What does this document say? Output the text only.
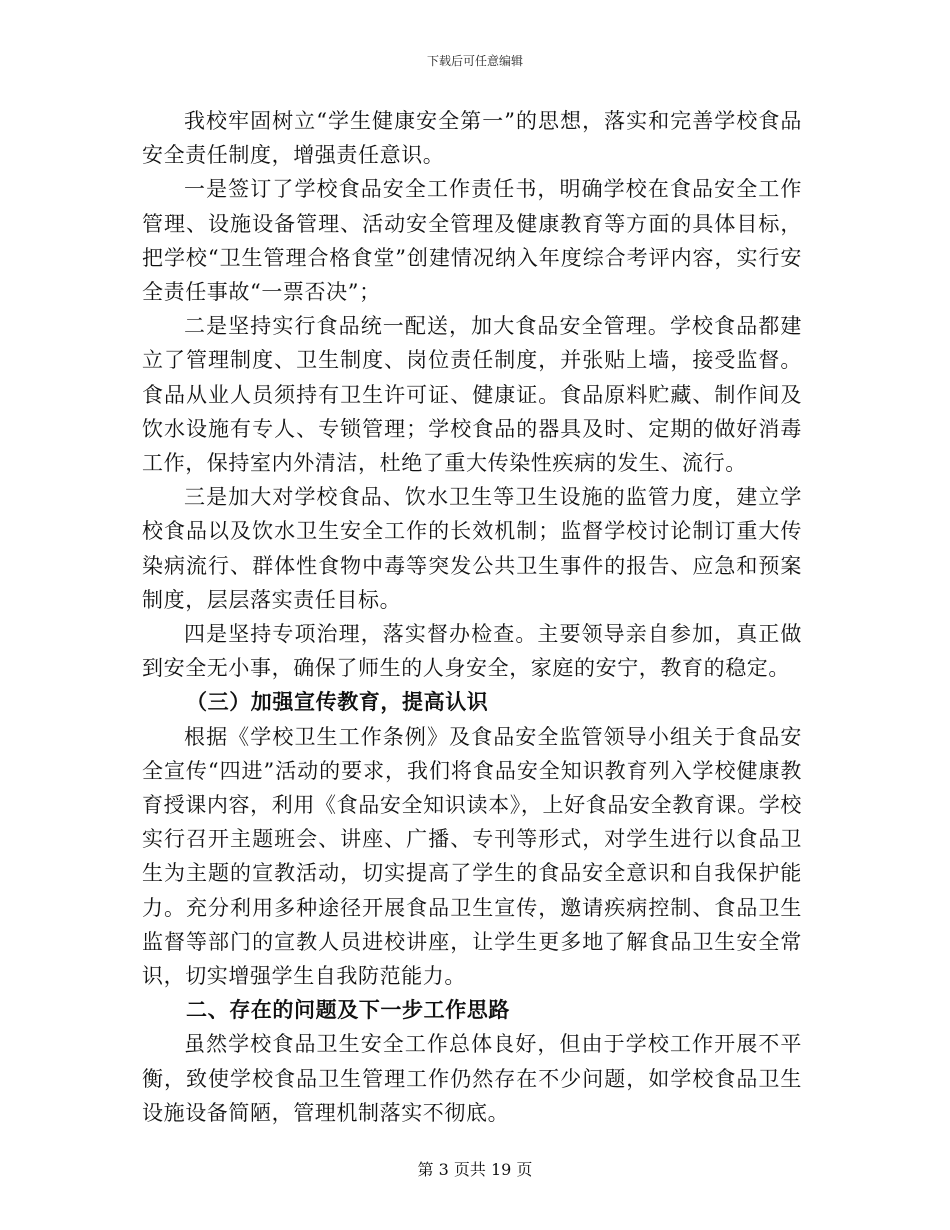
下载后可任意编辑

我校牢固树立“学生健康安全第一”的思想，落实和完善学校食品安全责任制度，增强责任意识。

一是签订了学校食品安全工作责任书，明确学校在食品安全工作管理、设施设备管理、活动安全管理及健康教育等方面的具体目标，把学校“卫生管理合格食堂”创建情况纳入年度综合考评内容，实行安全责任事故“一票否决”；

二是坚持实行食品统一配送，加大食品安全管理。学校食品都建立了管理制度、卫生制度、岗位责任制度，并张贴上墙，接受监督。食品从业人员须持有卫生许可证、健康证。食品原料贮藏、制作间及饮水设施有专人、专锁管理；学校食品的器具及时、定期的做好消毒工作，保持室内外清洁，杜绝了重大传染性疾病的发生、流行。

三是加大对学校食品、饮水卫生等卫生设施的监管力度，建立学校食品以及饮水卫生安全工作的长效机制；监督学校讨论制订重大传染病流行、群体性食物中毒等突发公共卫生事件的报告、应急和预案制度，层层落实责任目标。

四是坚持专项治理，落实督办检查。主要领导亲自参加，真正做到安全无小事，确保了师生的人身安全，家庭的安宁，教育的稳定。

（三）加强宣传教育，提高认识

根据《学校卫生工作条例》及食品安全监管领导小组关于食品安全宣传“四进”活动的要求，我们将食品安全知识教育列入学校健康教育授课内容，利用《食品安全知识读本》，上好食品安全教育课。学校实行召开主题班会、讲座、广播、专刊等形式，对学生进行以食品卫生为主题的宣教活动，切实提高了学生的食品安全意识和自我保护能力。充分利用多种途径开展食品卫生宣传，邀请疾病控制、食品卫生监督等部门的宣教人员进校讲座，让学生更多地了解食品卫生安全常识，切实增强学生自我防范能力。

二、存在的问题及下一步工作思路

虽然学校食品卫生安全工作总体良好，但由于学校工作开展不平衡，致使学校食品卫生管理工作仍然存在不少问题，如学校食品卫生设施设备简陋，管理机制落实不彻底。

第 3 页共 19 页
